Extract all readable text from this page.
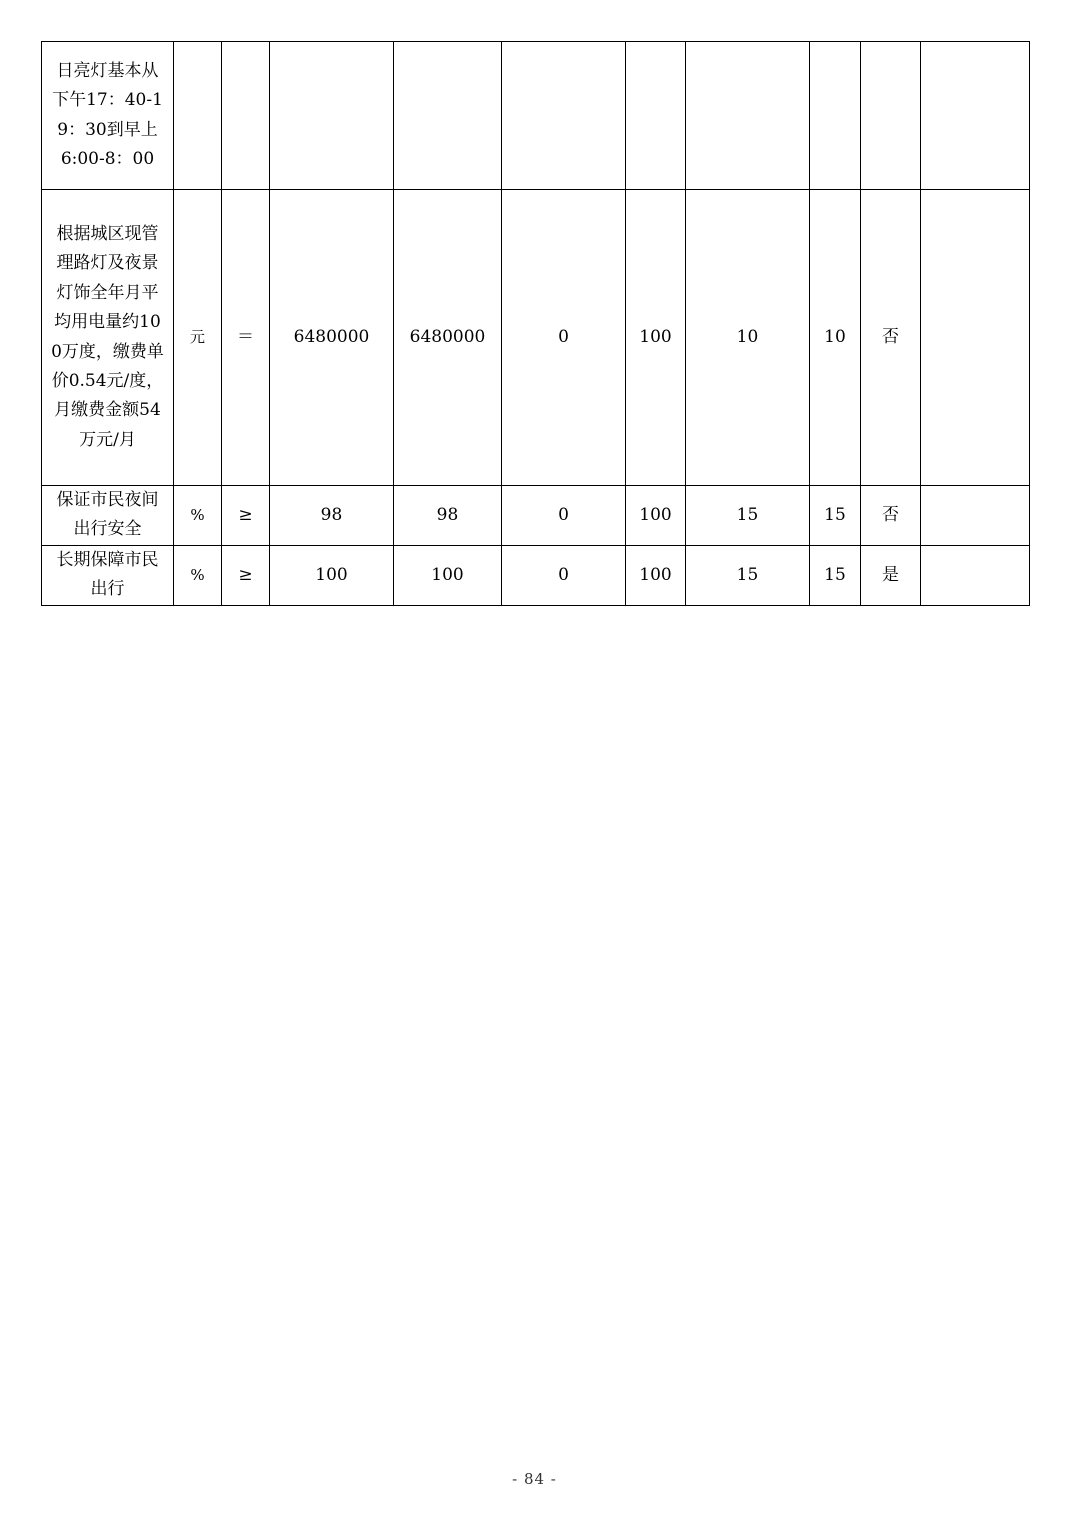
日亮灯基本从下午17：40-19：30到早上6:00-8：00										
根据城区现管理路灯及夜景灯饰全年月平均用电量约100万度，缴费单价0.54元/度，月缴费金额54万元/月	元	＝	6480000	6480000	0	100	10	10	否	
保证市民夜间出行安全	%	≥	98	98	0	100	15	15	否	
长期保障市民出行	%	≥	100	100	0	100	15	15	是	
- 84 -
